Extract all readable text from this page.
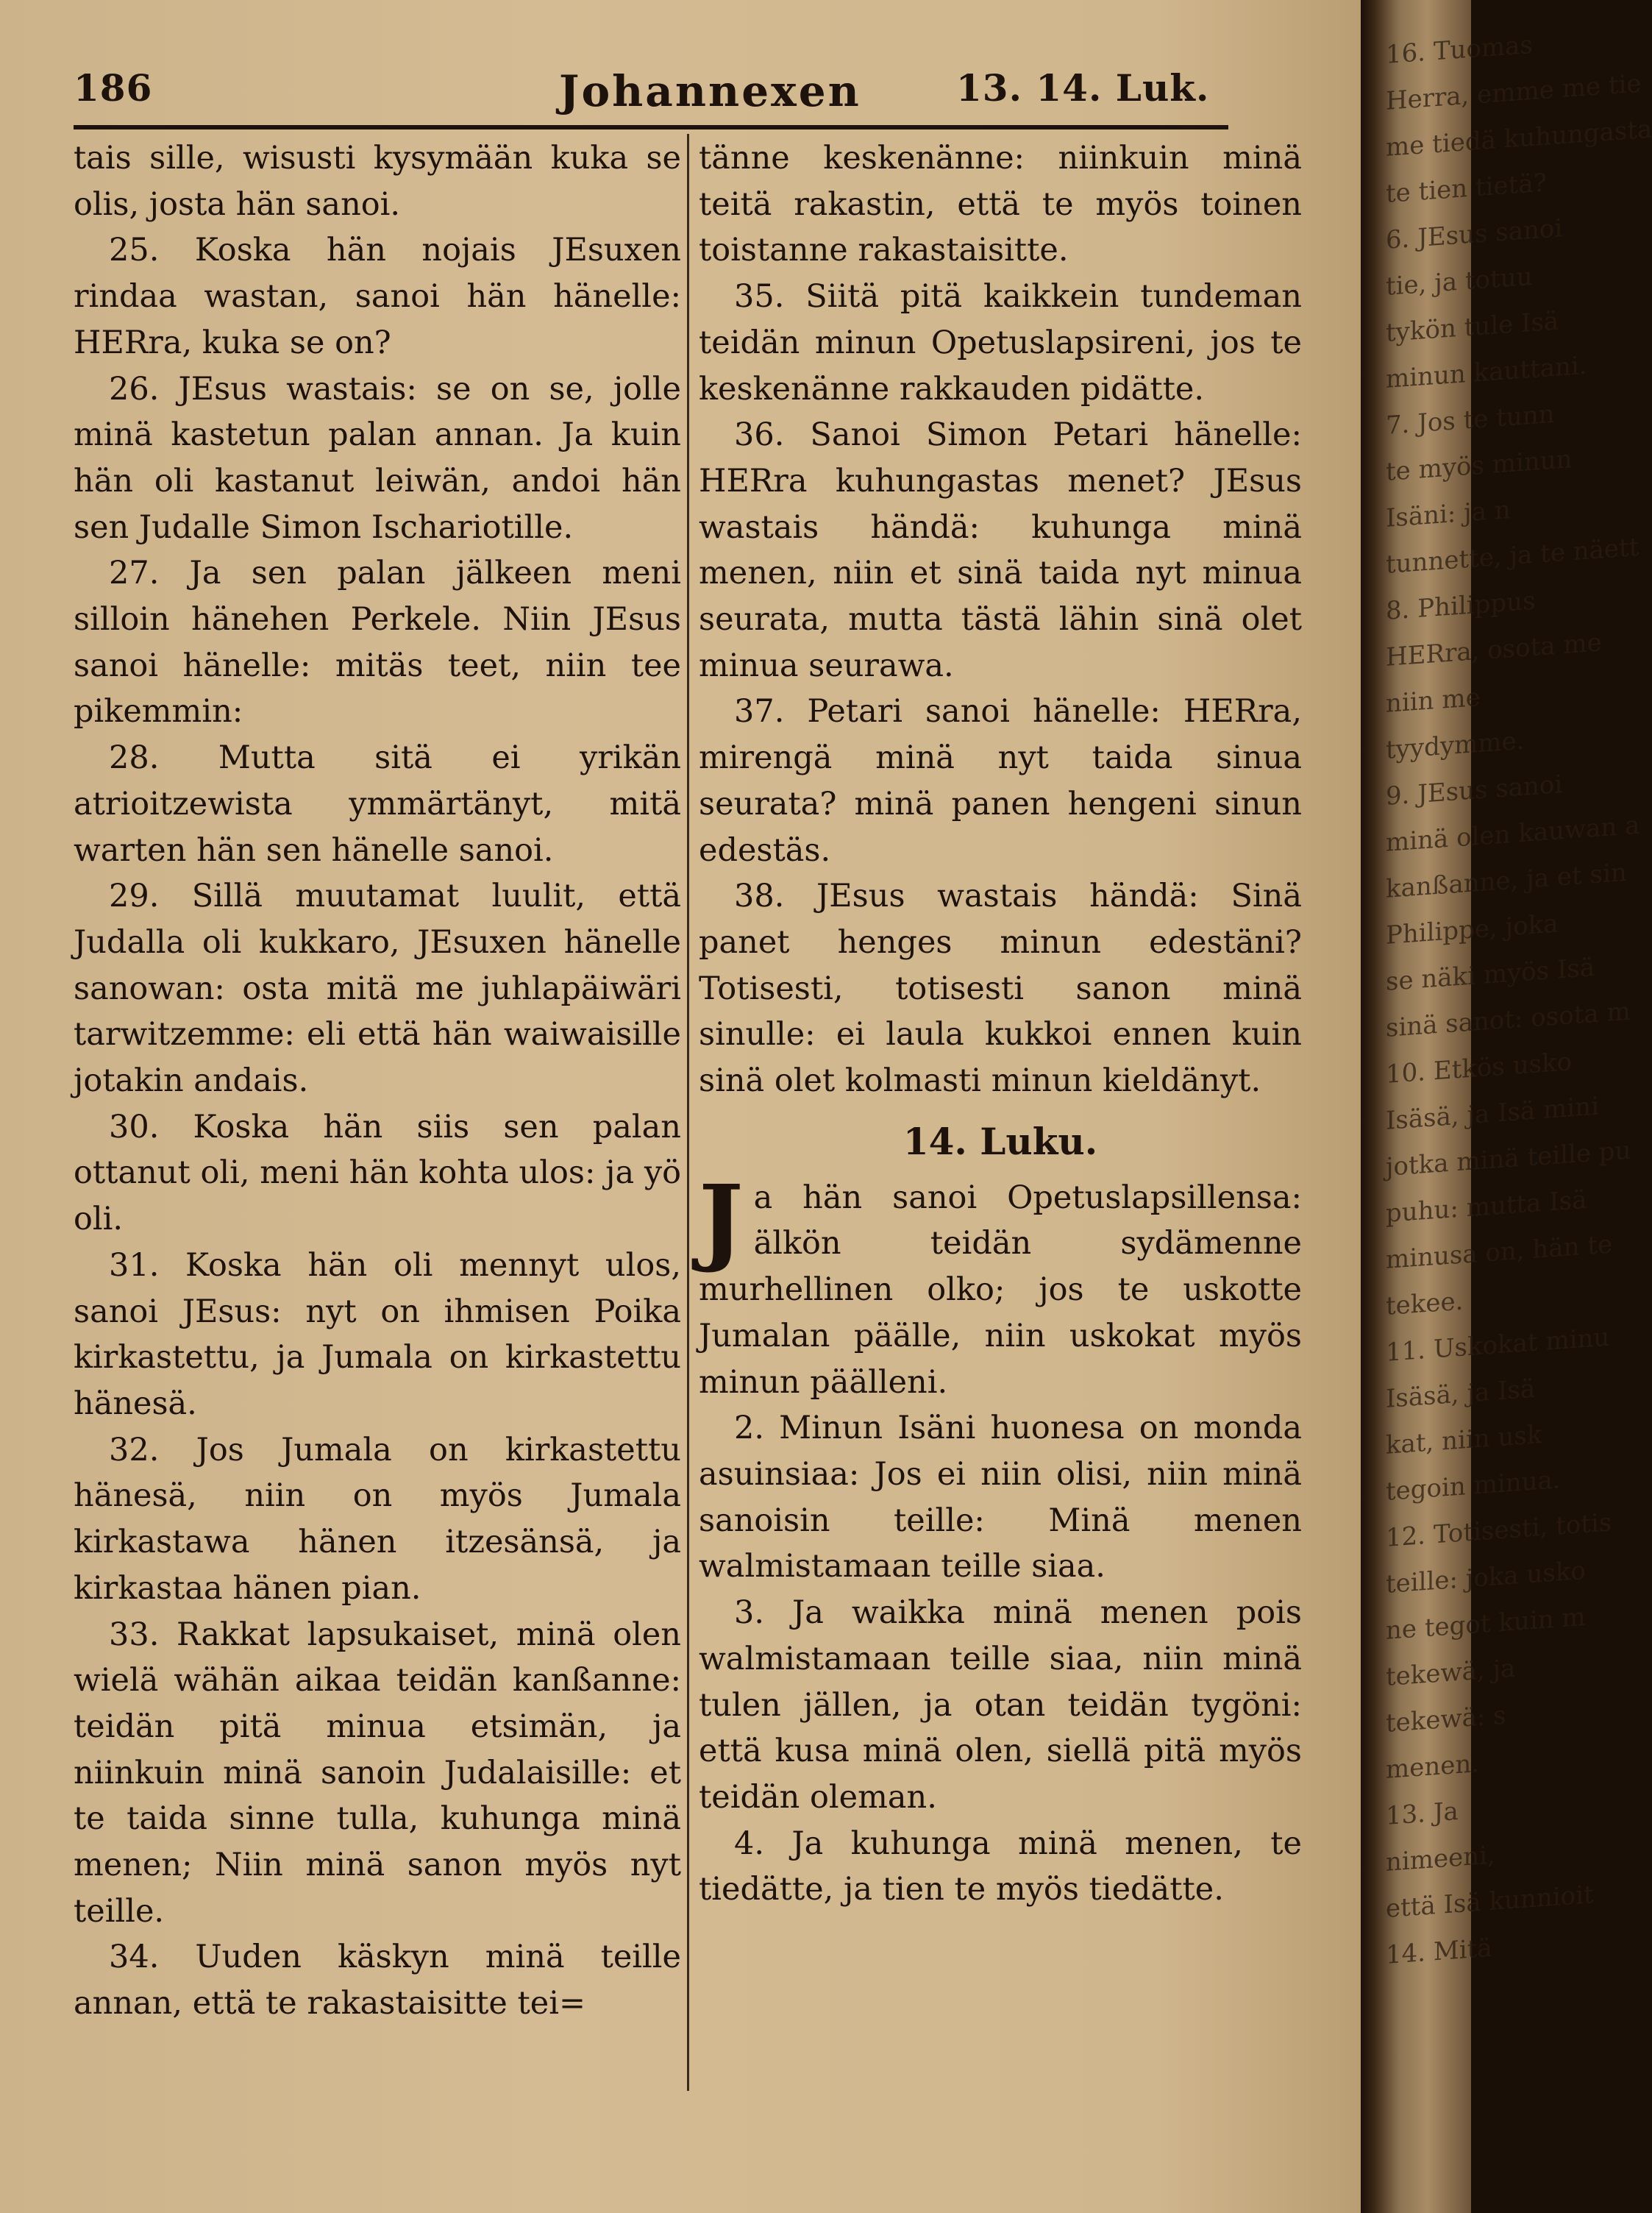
186	Johannexen	13. 14. Luk.

tais sille, wisusti kysymään kuka se olis, josta hän sanoi.

25. Koska hän nojais JEsuxen rindaa wastan, sanoi hän hänelle: HERra, kuka se on?

26. JEsus wastais: se on se, jolle minä kastetun palan annan. Ja kuin hän oli kastanut leiwän, andoi hän sen Judalle Simon Ischariotille.

27. Ja sen palan jälkeen meni silloin hänehen Perkele. Niin JEsus sanoi hänelle: mitäs teet, niin tee pikemmin:

28. Mutta sitä ei yrikän atrioitzewista ymmärtänyt, mitä warten hän sen hänelle sanoi.

29. Sillä muutamat luulit, että Judalla oli kukkaro, JEsuxen hänelle sanowan: osta mitä me juhlapäiwäri tarwitzemme: eli että hän waiwaisille jotakin andais.

30. Koska hän siis sen palan ottanut oli, meni hän kohta ulos: ja yö oli.

31. Koska hän oli mennyt ulos, sanoi JEsus: nyt on ihmisen Poika kirkastettu, ja Jumala on kirkastettu hänesä.

32. Jos Jumala on kirkastettu hänesä, niin on myös Jumala kirkastawa hänen itzesänsä, ja kirkastaa hänen pian.

33. Rakkat lapsukaiset, minä olen wielä wähän aikaa teidän kanßanne: teidän pitä minua etsimän, ja niinkuin minä sanoin Judalaisille: et te taida sinne tulla, kuhunga minä menen; Niin minä sanon myös nyt teille.

34. Uuden käskyn minä teille annan, että te rakastaisitte tei=

tänne keskenänne: niinkuin minä teitä rakastin, että te myös toinen toistanne rakastaisitte.

35. Siitä pitä kaikkein tundeman teidän minun Opetuslapsireni, jos te keskenänne rakkauden pidätte.

36. Sanoi Simon Petari hänelle: HERra kuhungastas menet? JEsus wastais händä: kuhunga minä menen, niin et sinä taida nyt minua seurata, mutta tästä lähin sinä olet minua seurawa.

37. Petari sanoi hänelle: HERra, mirengä minä nyt taida sinua seurata? minä panen hengeni sinun edestäs.

38. JEsus wastais händä: Sinä panet henges minun edestäni? Totisesti, totisesti sanon minä sinulle: ei laula kukkoi ennen kuin sinä olet kolmasti minun kieldänyt.

14. Luku.

Ja hän sanoi Opetuslapsillensa: älkön teidän sydämenne murhellinen olko; jos te uskotte Jumalan päälle, niin uskokat myös minun päälleni.

2. Minun Isäni huonesa on monda asuinsiaa: Jos ei niin olisi, niin minä sanoisin teille: Minä menen walmistamaan teille siaa.

3. Ja waikka minä menen pois walmistamaan teille siaa, niin minä tulen jällen, ja otan teidän tygöni: että kusa minä olen, siellä pitä myös teidän oleman.

4. Ja kuhunga minä menen, te tiedätte, ja tien te myös tiedätte.

16. Tuomas
Herra, emme me tie
me tiedä kuhungasta
te tien tietä?
6. JEsus sanoi
tie, ja totuu
tykön tule Isä
minun kauttani.
7. Jos te tunn
te myös minun
Isäni: ja n
tunnette, ja te näett
8. Philippus
HERra, osota me
niin me
tyydymme.
9. JEsus sanoi
minä olen kauwan a
kanßanne, ja et sin
Philippe, joka
se näki myös Isä
sinä sanot: osota m
10. Etkös usko
Isäsä, ja Isä mini
jotka minä teille pu
puhu: mutta Isä
minusa on, hän te
tekee.
11. Uskokat minu
Isäsä, ja Isä
kat, niin usk
tegoin minua.
12. Totisesti, totis
teille: joka usko
ne tegot kuin m
tekewä, ja
tekewä: s
menen.
13. Ja
nimeeni,
että Isä kunnioit
14. Mitä
